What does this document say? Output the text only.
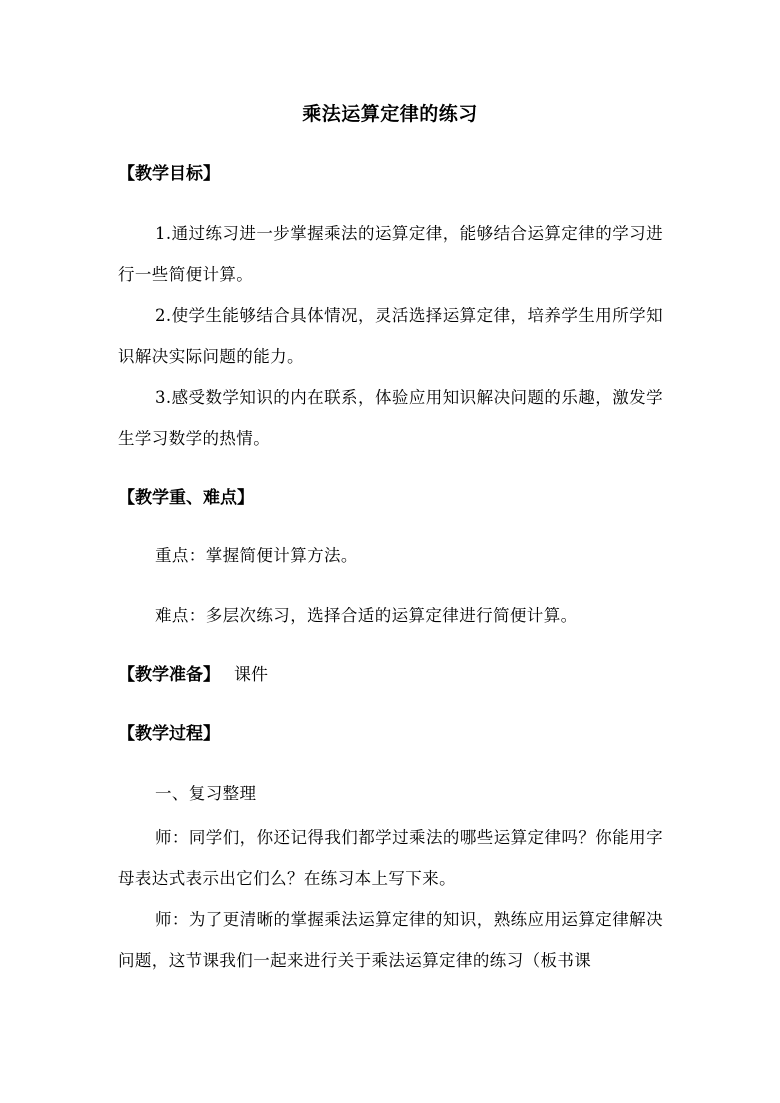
乘法运算定律的练习
【教学目标】

1.通过练习进一步掌握乘法的运算定律，能够结合运算定律的学习进行一些简便计算。

2.使学生能够结合具体情况，灵活选择运算定律，培养学生用所学知识解决实际问题的能力。

3.感受数学知识的内在联系，体验应用知识解决问题的乐趣，激发学生学习数学的热情。

【教学重、难点】
重点：掌握简便计算方法。
难点：多层次练习，选择合适的运算定律进行简便计算。
【教学准备】 课件
【教学过程】
一、复习整理

师：同学们，你还记得我们都学过乘法的哪些运算定律吗？你能用字母表达式表示出它们么？在练习本上写下来。

师：为了更清晰的掌握乘法运算定律的知识，熟练应用运算定律解决问题，这节课我们一起来进行关于乘法运算定律的练习（板书课
